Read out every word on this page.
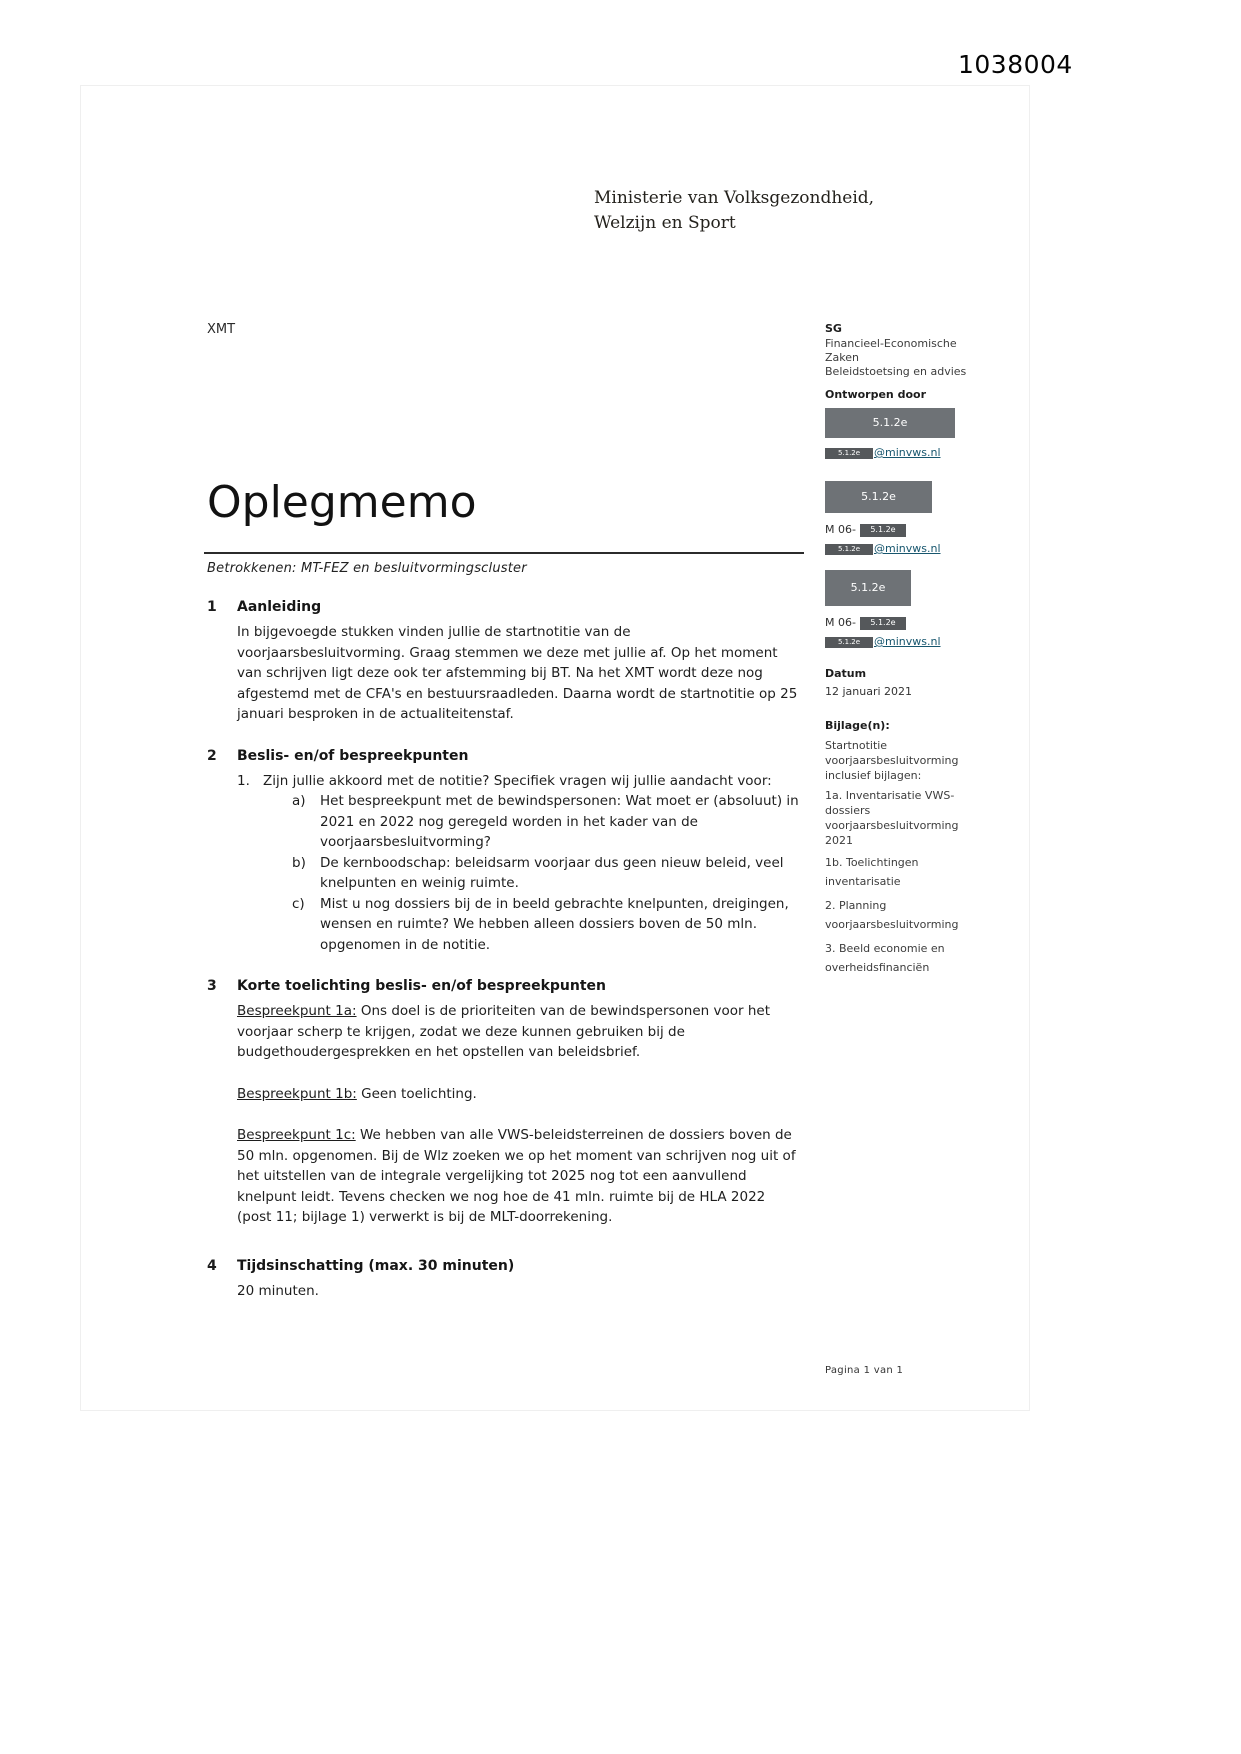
1038004
Ministerie van Volksgezondheid,
Welzijn en Sport
XMT	SG
Financieel-Economische
Zaken
Beleidstoetsing en advies
Ontworpen door
5.1.2e
5.1.2e	@minvws.nl
5.1.2e
M 06-	5.1.2e
5.1.2e	@minvws.nl
5.1.2e
M 06-	5.1.2e
5.1.2e	@minvws.nl
Datum
12 januari 2021
Bijlage(n):
Startnotitie voorjaarsbesluitvorming inclusief bijlagen:
1a. Inventarisatie VWS-dossiers voorjaarsbesluitvorming 2021
1b. Toelichtingen inventarisatie
2. Planning voorjaarsbesluitvorming
3. Beeld economie en overheidsfinanciën
Oplegmemo
Betrokkenen: MT-FEZ en besluitvormingscluster
1	Aanleiding
In bijgevoegde stukken vinden jullie de startnotitie van de voorjaarsbesluitvorming. Graag stemmen we deze met jullie af. Op het moment van schrijven ligt deze ook ter afstemming bij BT. Na het XMT wordt deze nog afgestemd met de CFA's en bestuursraadleden. Daarna wordt de startnotitie op 25 januari besproken in de actualiteitenstaf.
2	Beslis- en/of bespreekpunten
1. Zijn jullie akkoord met de notitie? Specifiek vragen wij jullie aandacht voor:
a)	Het bespreekpunt met de bewindspersonen: Wat moet er (absoluut) in 2021 en 2022 nog geregeld worden in het kader van de voorjaarsbesluitvorming?
b)	De kernboodschap: beleidsarm voorjaar dus geen nieuw beleid, veel knelpunten en weinig ruimte.
c)	Mist u nog dossiers bij de in beeld gebrachte knelpunten, dreigingen, wensen en ruimte? We hebben alleen dossiers boven de 50 mln. opgenomen in de notitie.
3	Korte toelichting beslis- en/of bespreekpunten
Bespreekpunt 1a: Ons doel is de prioriteiten van de bewindspersonen voor het voorjaar scherp te krijgen, zodat we deze kunnen gebruiken bij de budgethoudergesprekken en het opstellen van beleidsbrief.
Bespreekpunt 1b: Geen toelichting.
Bespreekpunt 1c: We hebben van alle VWS-beleidsterreinen de dossiers boven de 50 mln. opgenomen. Bij de Wlz zoeken we op het moment van schrijven nog uit of het uitstellen van de integrale vergelijking tot 2025 nog tot een aanvullend knelpunt leidt. Tevens checken we nog hoe de 41 mln. ruimte bij de HLA 2022 (post 11; bijlage 1) verwerkt is bij de MLT-doorrekening.
4	Tijdsinschatting (max. 30 minuten)
20 minuten.
Pagina 1 van 1
